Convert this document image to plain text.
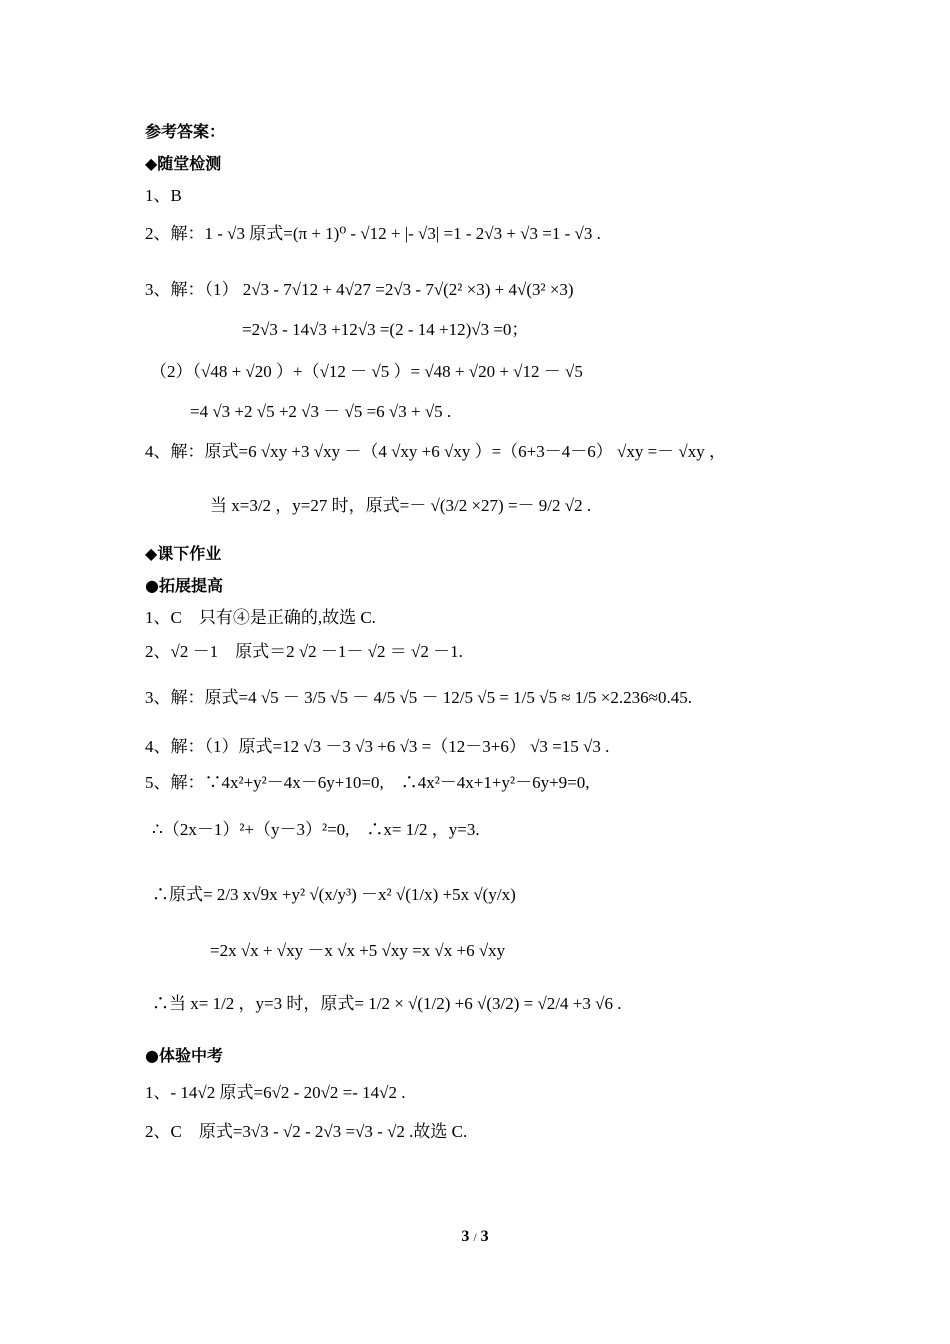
参考答案：
◆随堂检测
1、B
2、解：1 - √3 原式=(π + 1)⁰ - √12 + |- √3| =1 - 2√3 + √3 =1 - √3 .
3、解：（1） 2√3 - 7√12 + 4√27 =2√3 - 7√(2² ×3) + 4√(3² ×3)
=2√3 - 14√3 +12√3 =(2 - 14 +12)√3 =0；
（2）（√48 + √20 ）+（√12 － √5 ）= √48 + √20 + √12 － √5
=4 √3 +2 √5 +2 √3 － √5 =6 √3 + √5 .
4、解：原式=6 √xy +3 √xy －（4 √xy +6 √xy ）=（6+3－4－6） √xy =－ √xy ，
当 x=3/2 ，y=27 时，原式=－ √(3/2 ×27) =－ 9/2 √2 .
◆课下作业
●拓展提高
1、C　只有④是正确的,故选 C.
2、√2 －1　原式＝2 √2 －1－ √2 ＝ √2 －1.
3、解：原式=4 √5 － 3/5 √5 － 4/5 √5 － 12/5 √5 = 1/5 √5 ≈ 1/5 ×2.236≈0.45.
4、解：（1）原式=12 √3 －3 √3 +6 √3 =（12－3+6） √3 =15 √3 .
5、解：∵4x²+y²－4x－6y+10=0,　∴4x²－4x+1+y²－6y+9=0,
∴（2x－1）²+（y－3）²=0,　∴x= 1/2 ，y=3.
∴原式= 2/3 x√9x +y² √(x/y³) －x² √(1/x) +5x √(y/x)
=2x √x + √xy －x √x +5 √xy =x √x +6 √xy
∴当 x= 1/2 ，y=3 时，原式= 1/2 × √(1/2) +6 √(3/2) = √2/4 +3 √6 .
●体验中考
1、- 14√2 原式=6√2 - 20√2 =- 14√2 .
2、C　原式=3√3 - √2 - 2√3 =√3 - √2 .故选 C.
3 / 3
